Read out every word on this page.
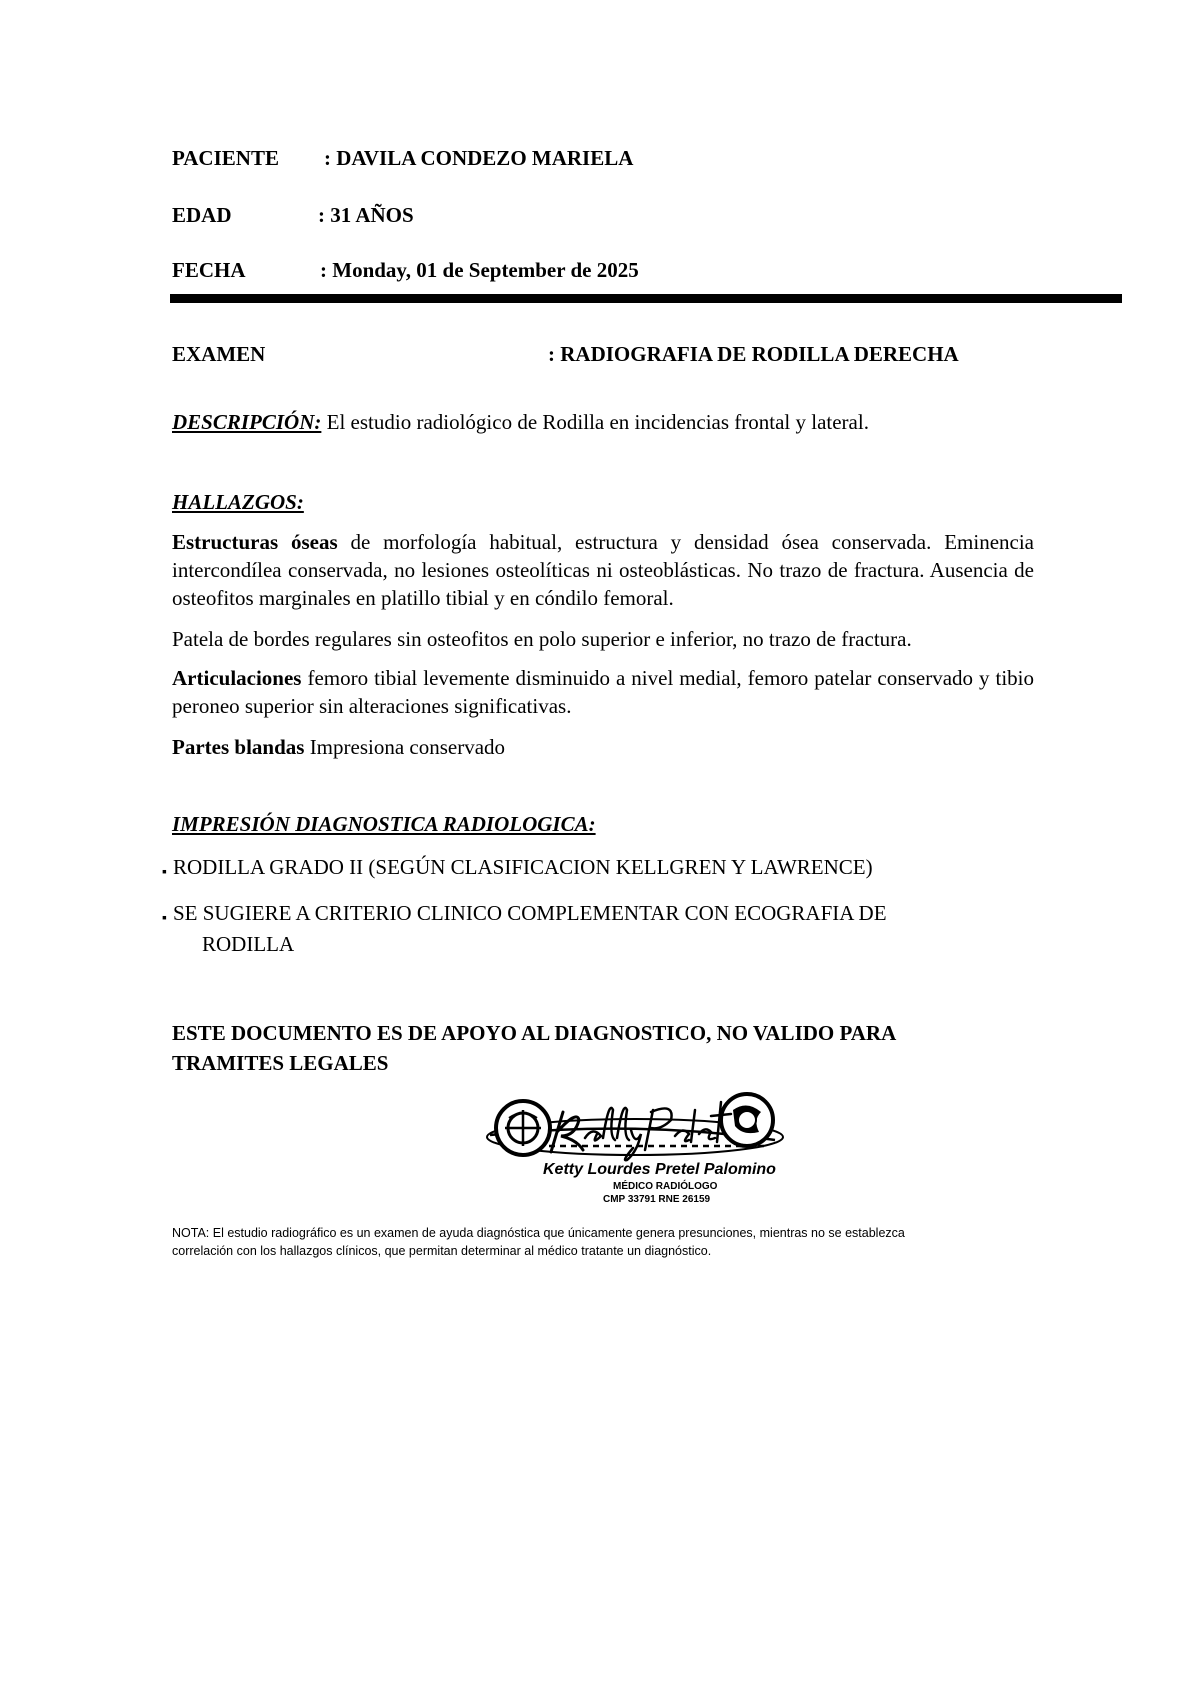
PACIENTE : DAVILA CONDEZO MARIELA
EDAD	: 31 AÑOS
FECHA	: Monday, 01 de September de 2025
EXAMEN	: RADIOGRAFIA DE RODILLA DERECHA
DESCRIPCIÓN: El estudio radiológico de Rodilla en incidencias frontal y lateral.
HALLAZGOS:

Estructuras óseas de morfología habitual, estructura y densidad ósea conservada. Eminencia intercondílea conservada, no lesiones osteolíticas ni osteoblásticas. No trazo de fractura. Ausencia de osteofitos marginales en platillo tibial y en cóndilo femoral.

Patela de bordes regulares sin osteofitos en polo superior e inferior, no trazo de fractura.

Articulaciones femoro tibial levemente disminuido a nivel medial, femoro patelar conservado y tibio peroneo superior sin alteraciones significativas.

Partes blandas Impresiona conservado

IMPRESIÓN DIAGNOSTICA RADIOLOGICA:
▪ RODILLA GRADO II (SEGÚN CLASIFICACION KELLGREN Y LAWRENCE)
▪ SE SUGIERE A CRITERIO CLINICO COMPLEMENTAR CON ECOGRAFIA DE
RODILLA
ESTE DOCUMENTO ES DE APOYO AL DIAGNOSTICO, NO VALIDO PARA
TRAMITES LEGALES
Ketty Lourdes Pretel Palomino
MÉDICO RADIÓLOGO
CMP 33791 RNE 26159
NOTA: El estudio radiográfico es un examen de ayuda diagnóstica que únicamente genera presunciones, mientras no se establezca
correlación con los hallazgos clínicos, que permitan determinar al médico tratante un diagnóstico.
